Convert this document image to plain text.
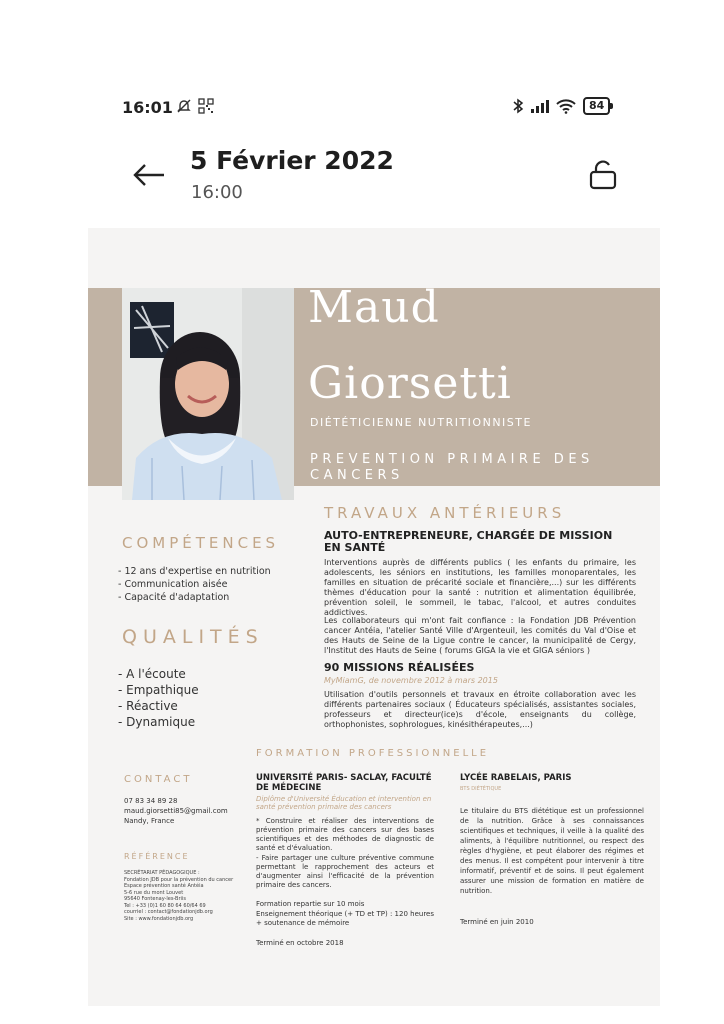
16:01	84
5 Février 2022
16:00
Maud
Giorsetti
DIÉTÉTICIENNE NUTRITIONNISTE
PREVENTION PRIMAIRE DES CANCERS
COMPÉTENCES
- 12 ans d'expertise en nutrition
- Communication aisée
- Capacité d'adaptation
QUALITÉS
- A l'écoute
- Empathique
- Réactive
- Dynamique
TRAVAUX ANTÉRIEURS
AUTO-ENTREPRENEURE, CHARGÉE DE MISSION EN SANTÉ
Interventions auprès de différents publics ( les enfants du primaire, les adolescents, les séniors en institutions, les familles monoparentales, les familles en situation de précarité sociale et financière,...) sur les différents thèmes d'éducation pour la santé : nutrition et alimentation équilibrée, prévention soleil, le sommeil, le tabac, l'alcool, et autres conduites addictives.
Les collaborateurs qui m'ont fait confiance : la Fondation JDB Prévention cancer Antéia, l'atelier Santé Ville d'Argenteuil, les comités du Val d'Oise et des Hauts de Seine de la Ligue contre le cancer, la municipalité de Cergy, l'Institut des Hauts de Seine ( forums GIGA la vie et GIGA séniors )
90 MISSIONS RÉALISÉES
MyMiamG, de novembre 2012 à mars 2015
Utilisation d'outils personnels et travaux en étroite collaboration avec les différents partenaires sociaux ( Éducateurs spécialisés, assistantes sociales, professeurs et directeur(ice)s d'école, enseignants du collège, orthophonistes, sophrologues, kinésithérapeutes,...)
FORMATION PROFESSIONNELLE
UNIVERSITÉ PARIS- SACLAY, FACULTÉ DE MÉDECINE
Diplôme d'Université Éducation et intervention en santé prévention primaire des cancers
* Construire et réaliser des interventions de prévention primaire des cancers sur des bases scientifiques et des méthodes de diagnostic de santé et d'évaluation.
- Faire partager une culture préventive commune permettant le rapprochement des acteurs et d'augmenter ainsi l'efficacité de la prévention primaire des cancers.
Formation repartie sur 10 mois
Enseignement théorique (+ TD et TP) : 120 heures + soutenance de mémoire
Terminé en octobre 2018
LYCÉE RABELAIS, PARIS
BTS DIÉTÉTIQUE
Le titulaire du BTS diététique est un professionnel de la nutrition. Grâce à ses connaissances scientifiques et techniques, il veille à la qualité des aliments, à l'équilibre nutritionnel, ou respect des règles d'hygiène, et peut élaborer des régimes et des menus. Il est compétent pour intervenir à titre informatif, préventif et de soins. Il peut également assurer une mission de formation en matière de nutrition.
Terminé en juin 2010
CONTACT
07 83 34 89 28
maud.giorsetti85@gmail.com
Nandy, France
RÉFÉRENCE
SECRÉTARIAT PÉDAGOGIQUE :
Fondation JDB pour la prévention du cancer
Espace prévention santé Antéia
5-6 rue du mont Louvet
95640 Fontenay-les-Briis
Tel : +33 (0)1 60 80 64 60/64 69
courriel : contact@fondationjdb.org
Site : www.fondationjdb.org
